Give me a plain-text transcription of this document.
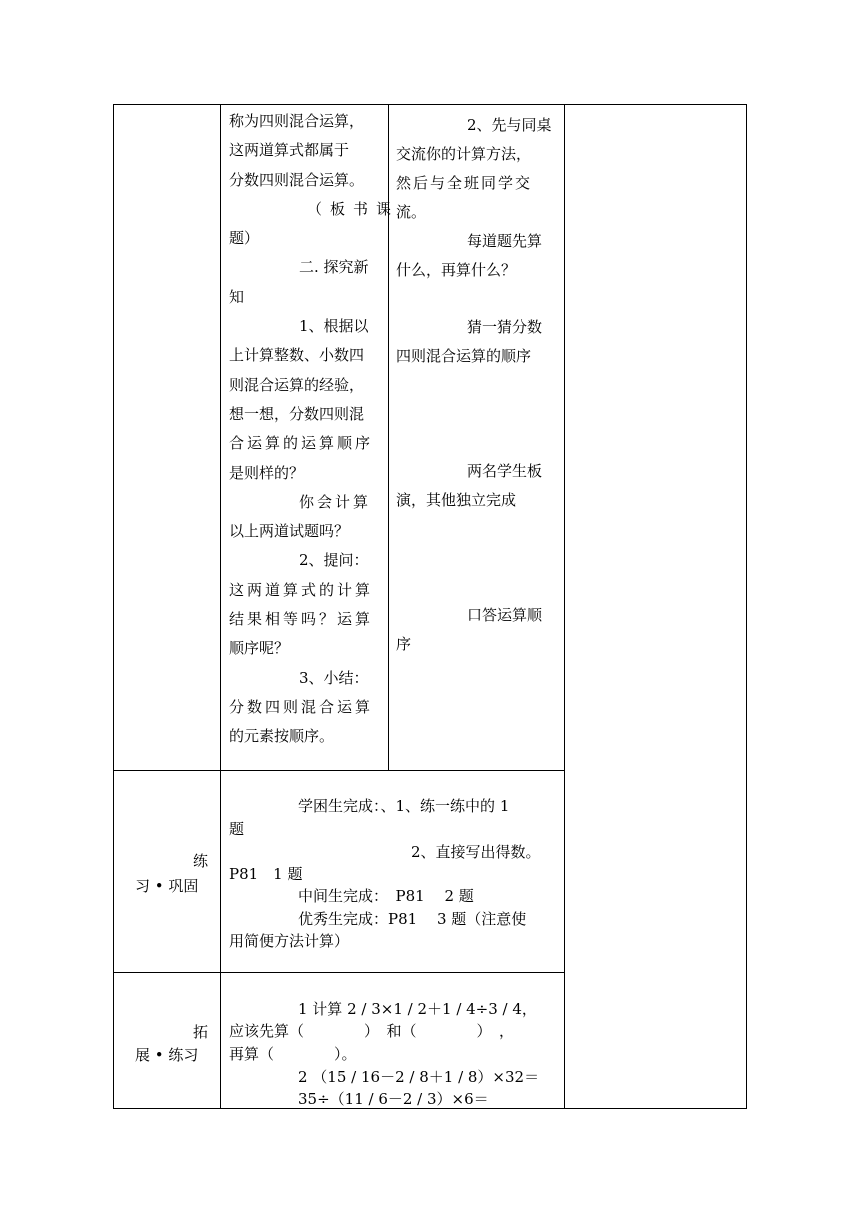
称为四则混合运算，
这两道算式都属于
分数四则混合运算。
（板书课
题）
二. 探究新
知
1、根据以
上计算整数、小数四
则混合运算的经验，
想一想，分数四则混
合运算的运算顺序
是则样的？
你会计算
以上两道试题吗？
2、提问：
这两道算式的计算
结果相等吗？运算
顺序呢？
3、小结：
分数四则混合运算
的元素按顺序。
2、先与同桌
交流你的计算方法，
然后与全班同学交
流。
每道题先算
什么，再算什么？
猜一猜分数
四则混合运算的顺序
两名学生板
演，其他独立完成
口答运算顺
序
练
习 • 巩固
学困生完成：、1、练一练中的 1
题
2、直接写出得数。
P81　1 题
中间生完成：　P81　 2 题
优秀生完成：P81　 3 题（注意使
用简便方法计算）
拓
展 • 练习
1 计算 2 / 3×1 / 2＋1 / 4÷3 / 4，
应该先算（　　　　）　和（　　　　）　，
再算（　　　　）。
2 （15 / 16－2 / 8＋1 / 8）×32＝
35÷（11 / 6－2 / 3）×6＝
